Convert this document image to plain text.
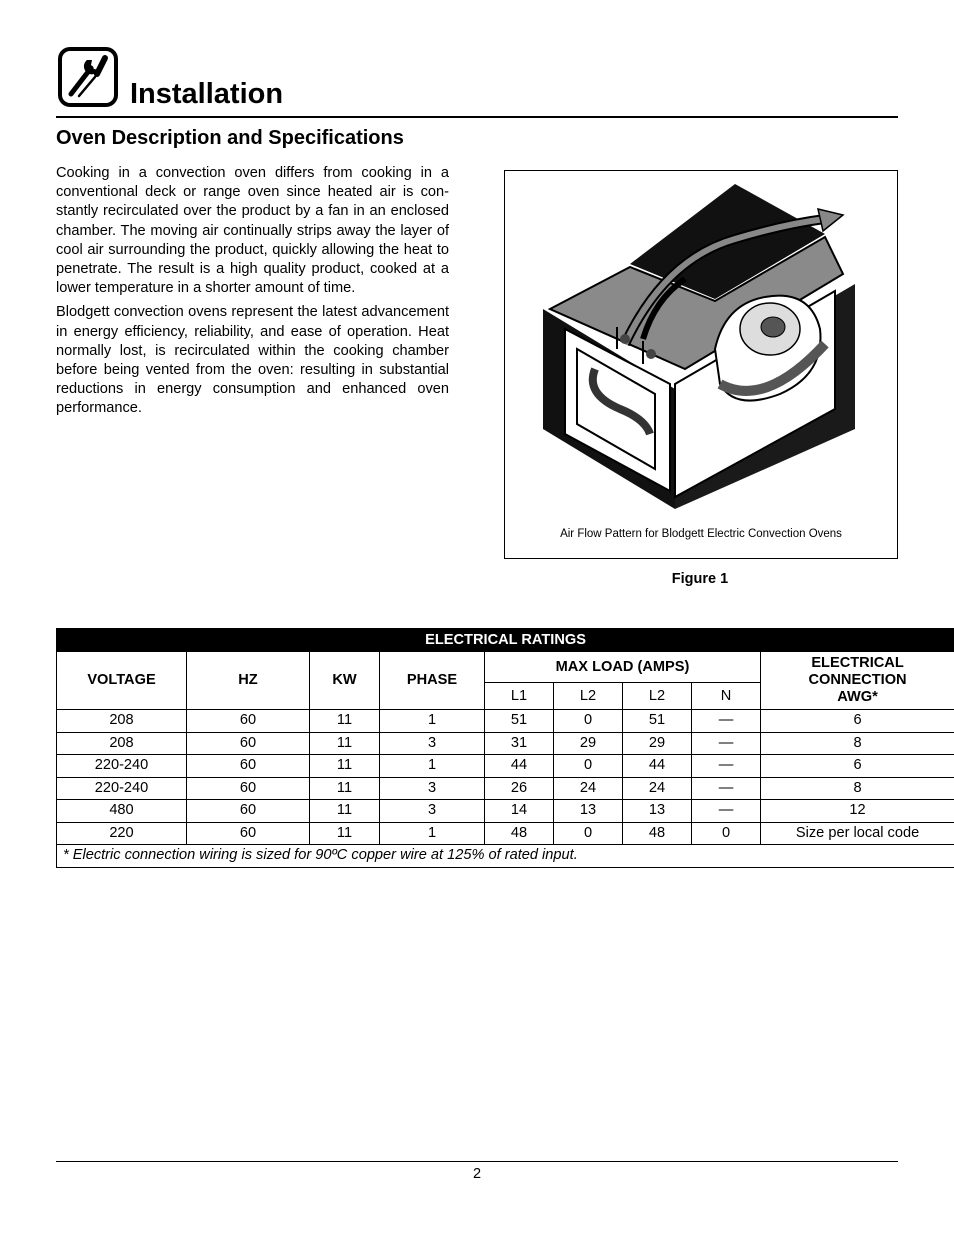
Installation
Oven Description and Specifications

Cooking in a convection oven differs from cooking in a conventional deck or range oven since heated air is constantly recirculated over the product by a fan in an enclosed chamber. The moving air continually strips away the layer of cool air surrounding the product, quickly allowing the heat to penetrate. The result is a high quality product, cooked at a lower temperature in a shorter amount of time.

Blodgett convection ovens represent the latest advancement in energy efficiency, reliability, and ease of operation. Heat normally lost, is recirculated within the cooking chamber before being vented from the oven: resulting in substantial reductions in energy consumption and enhanced oven performance.

Air Flow Pattern for Blodgett Electric Convection Ovens
Figure 1
ELECTRICAL RATINGS								
VOLTAGE	HZ	KW	PHASE	MAX LOAD (AMPS)				ELECTRICAL CONNECTION AWG*
				L1	L2	L2	N	
208	60	11	1	51	0	51	—	6
208	60	11	3	31	29	29	—	8
220-240	60	11	1	44	0	44	—	6
220-240	60	11	3	26	24	24	—	8
480	60	11	3	14	13	13	—	12
220	60	11	1	48	0	48	0	Size per local code
* Electric connection wiring is sized for 90ºC copper wire at 125% of rated input.								
2
